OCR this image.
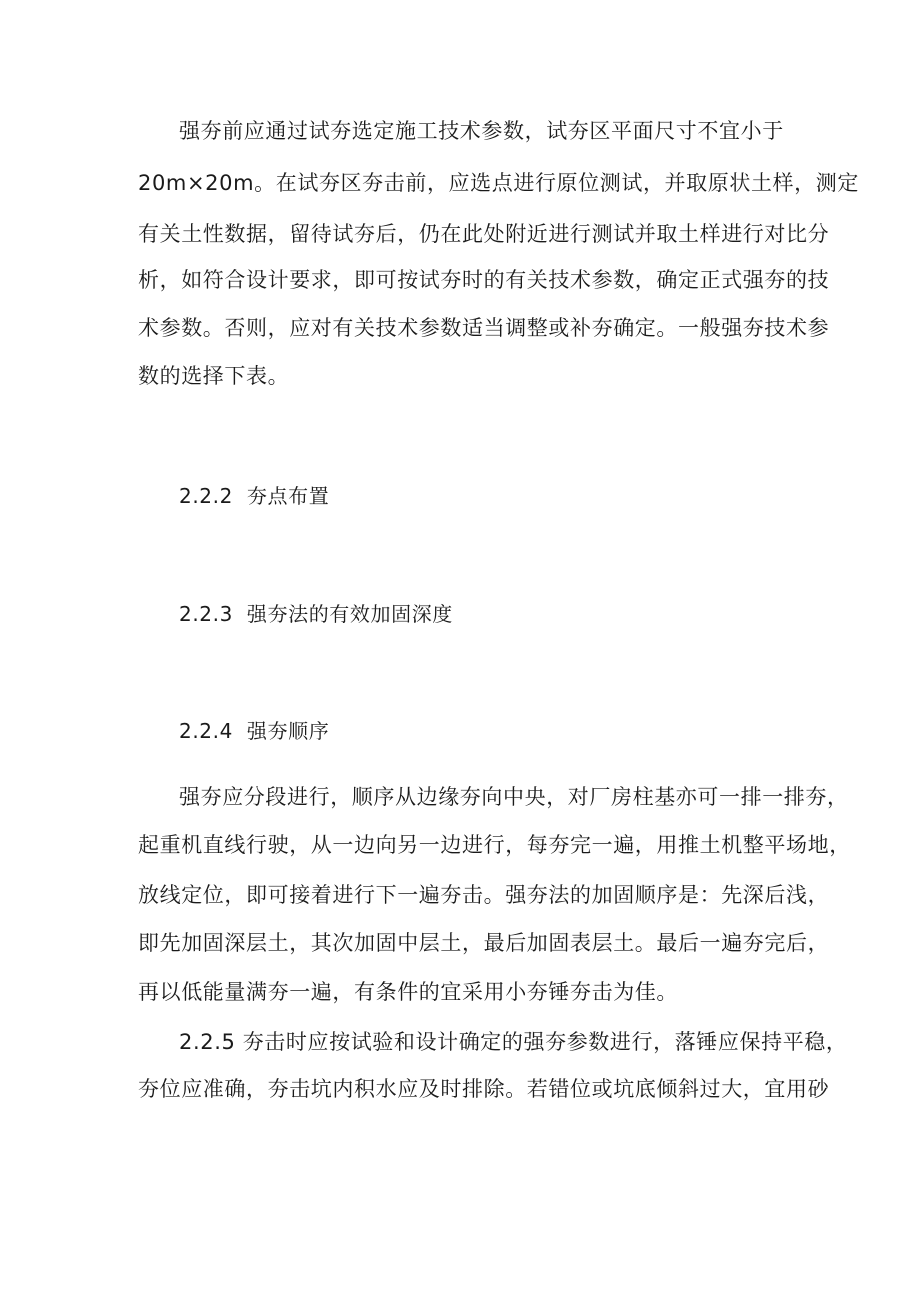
强夯前应通过试夯选定施工技术参数，试夯区平面尺寸不宜小于
20m×20m。在试夯区夯击前，应选点进行原位测试，并取原状土样，测定
有关土性数据，留待试夯后，仍在此处附近进行测试并取土样进行对比分
析，如符合设计要求，即可按试夯时的有关技术参数，确定正式强夯的技
术参数。否则，应对有关技术参数适当调整或补夯确定。一般强夯技术参
数的选择下表。
2.2.2 夯点布置
2.2.3 强夯法的有效加固深度
2.2.4 强夯顺序
强夯应分段进行，顺序从边缘夯向中央，对厂房柱基亦可一排一排夯，
起重机直线行驶，从一边向另一边进行，每夯完一遍，用推土机整平场地，
放线定位，即可接着进行下一遍夯击。强夯法的加固顺序是：先深后浅，
即先加固深层土，其次加固中层土，最后加固表层土。最后一遍夯完后，
再以低能量满夯一遍，有条件的宜采用小夯锤夯击为佳。
2.2.5 夯击时应按试验和设计确定的强夯参数进行，落锤应保持平稳，
夯位应准确，夯击坑内积水应及时排除。若错位或坑底倾斜过大，宜用砂
